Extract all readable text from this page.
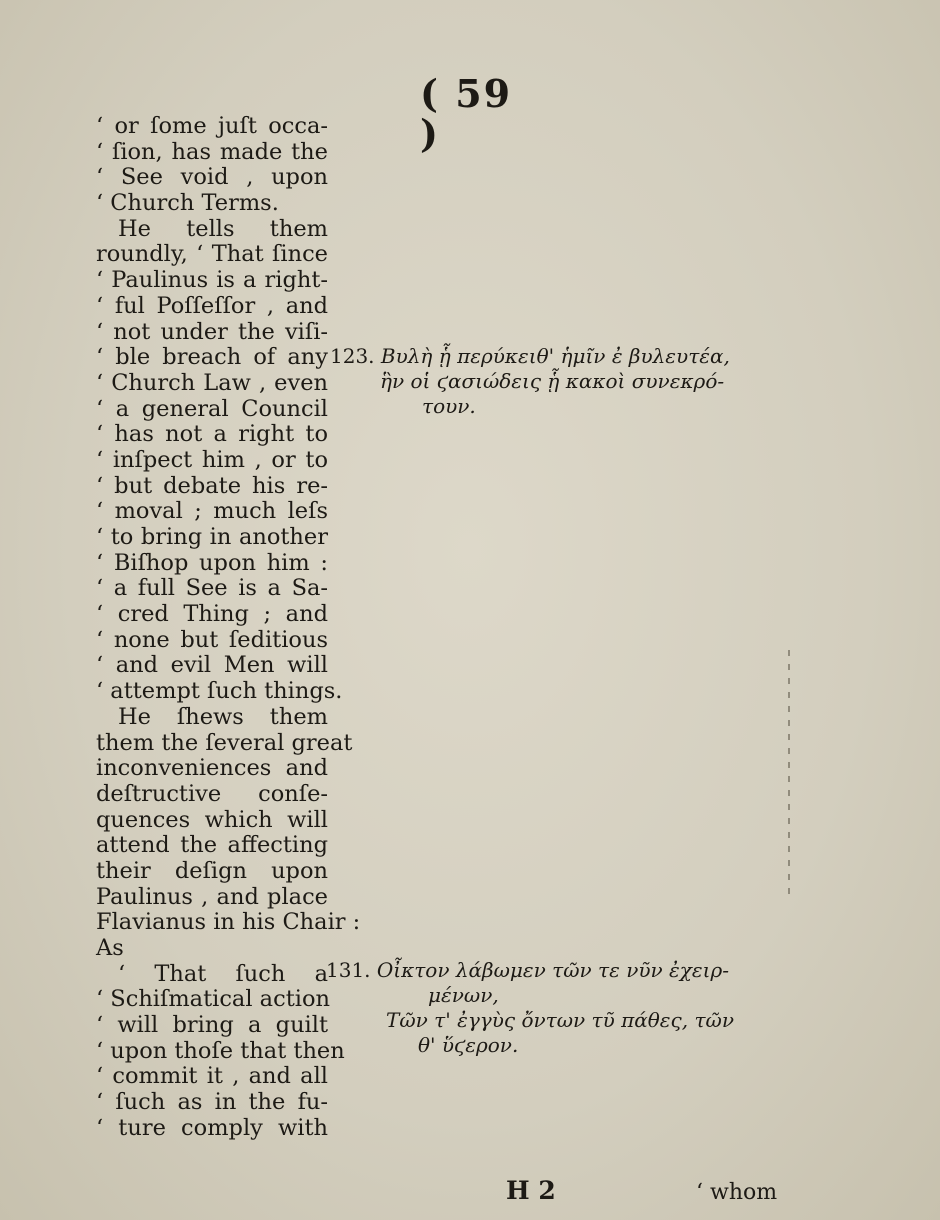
( 59 )
‘ or ſome juſt occa-
‘ ſion, has made the
‘ See void , upon
‘ Church Terms.
He tells them
roundly, ‘ That ſince
‘ Paulinus is a right-
‘ ful Poſſeſſor , and
‘ not under the viſi-
‘ ble breach of any
‘ Church Law , even
‘ a general Council
‘ has not a right to
‘ inſpect him , or to
‘ but debate his re-
‘ moval ; much leſs
‘ to bring in another
‘ Biſhop upon him :
‘ a full See is a Sa-
‘ cred Thing ; and
‘ none but ſeditious
‘ and evil Men will
‘ attempt ſuch things.
He ſhews them
them the ſeveral great
inconveniences and
deſtructive conſe-
quences which will
attend the affecting
their deſign upon
Paulinus , and place
Flavianus in his Chair :
As
‘ That ſuch a
‘ Schiſmatical action
‘ will bring a guilt
‘ upon thoſe that then
‘ commit it , and all
‘ ſuch as in the fu-
‘ ture comply with
123. Βυλὴ ᾗ περύκειθ' ἡμῖν ἐ βυλευτέα,
ἣν οἱ ϛασιώδεις ᾗ κακοὶ συνεκρό-
τουν.
131. Οἶκτον λάβωμεν τῶν τε νῦν ἐχειρ-
μένων,
Τῶν τ' ἐγγὺς ὄντων τῦ πάθες, τῶν
θ' ὕϛερον.
H 2	‘ whom
